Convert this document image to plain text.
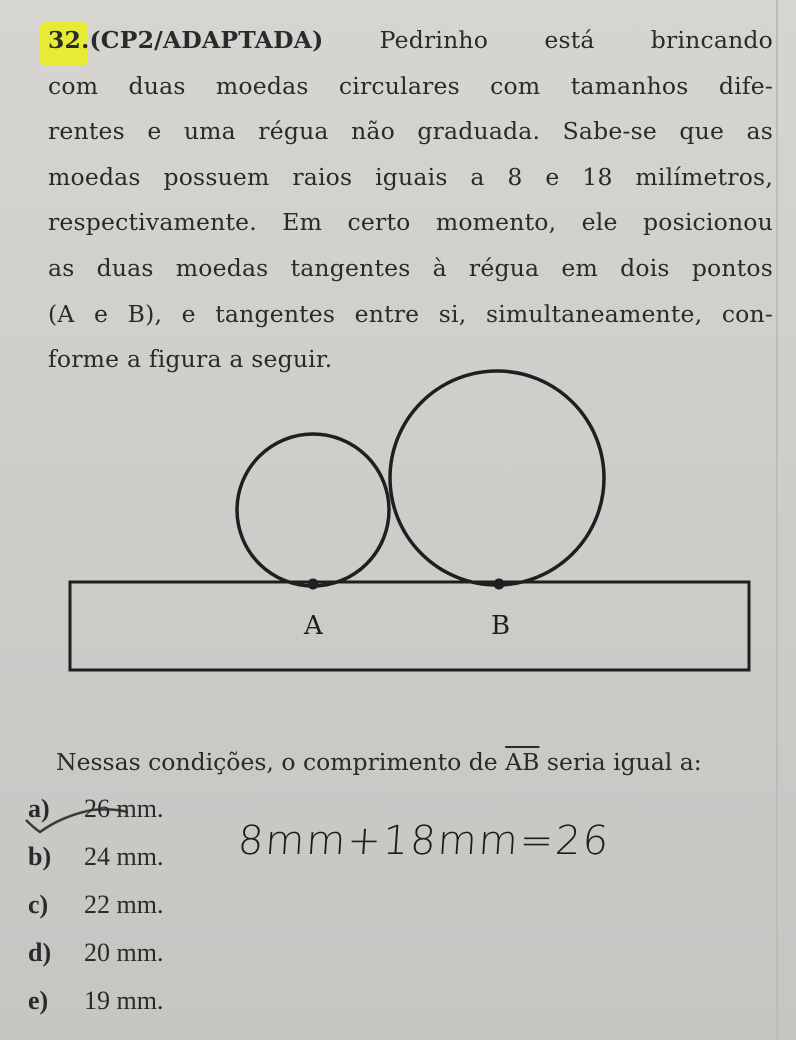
32.(CP2/ADAPTADA) Pedrinho está brincando
com duas moedas circulares com tamanhos dife-
rentes e uma régua não graduada. Sabe-se que as
moedas possuem raios iguais a 8 e 18 milímetros,
respectivamente. Em certo momento, ele posicionou
as duas moedas tangentes à régua em dois pontos
(A e B), e tangentes entre si, simultaneamente, con-
forme a figura a seguir.
A	B
Nessas condições, o comprimento de $\overline{AB}$ seria igual a:
a) 26 mm.
b) 24 mm.
c) 22 mm.
d) 20 mm.
e) 19 mm.
8mm+18mm=26
